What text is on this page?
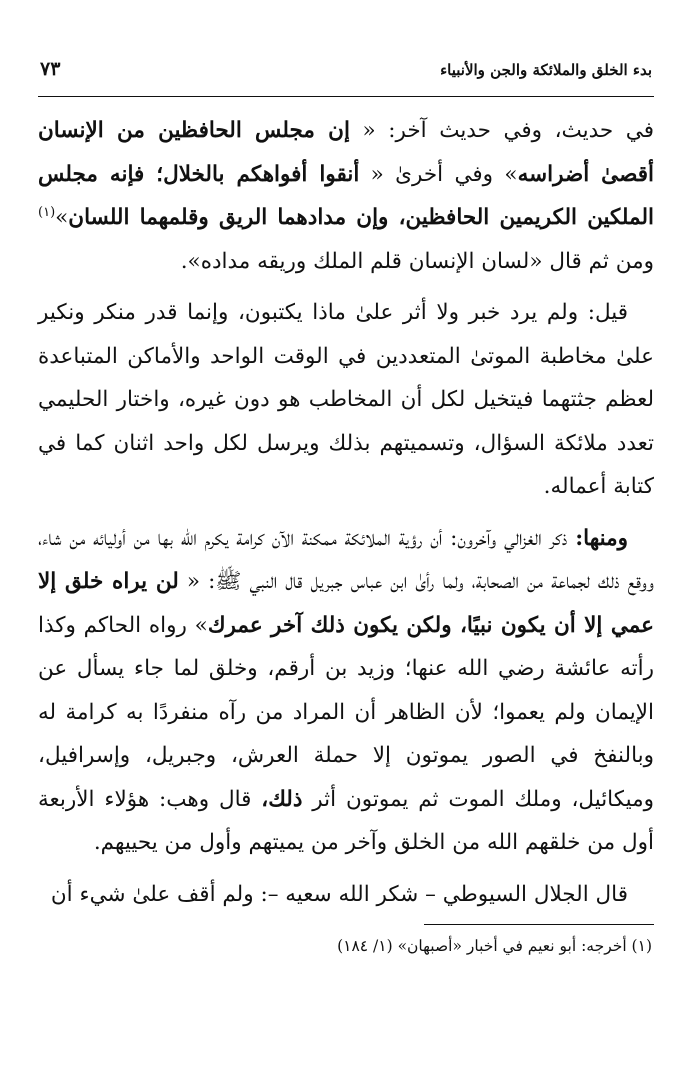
بدء الخلق والملائكة والجن والأنبياء
٧٣

في حديث، وفي حديث آخر: « إن مجلس الحافظين من الإنسان أقصىٰ أضراسه» وفي أخرىٰ « أنقوا أفواهكم بالخلال؛ فإنه مجلس الملكين الكريمين الحافظين، وإن مدادهما الريق وقلمهما اللسان»$^{(١)}$ ومن ثم قال «لسان الإنسان قلم الملك وريقه مداده».

قيل: ولم يرد خبر ولا أثر علىٰ ماذا يكتبون، وإنما قدر منكر ونكير علىٰ مخاطبة الموتىٰ المتعددين في الوقت الواحد والأماكن المتباعدة لعظم جثتهما فيتخيل لكل أن المخاطب هو دون غيره، واختار الحليمي تعدد ملائكة السؤال، وتسميتهم بذلك ويرسل لكل واحد اثنان كما في كتابة أعماله.

ومنها: ذكر الغزالي وآخرون: أن رؤية الملائكة ممكنة الآن كرامة يكرم الله بها من أوليائه من شاء، ووقع ذلك لجماعة من الصحابة، ولما رأىٰ ابن عباس جبريل قال النبي ﷺ: « لن يراه خلق إلا عمي إلا أن يكون نبيًا، ولكن يكون ذلك آخر عمرك» رواه الحاكم وكذا رأته عائشة رضي الله عنها؛ وزيد بن أرقم، وخلق لما جاء يسأل عن الإيمان ولم يعموا؛ لأن الظاهر أن المراد من رآه منفردًا به كرامة له وبالنفخ في الصور يموتون إلا حملة العرش، وجبريل، وإسرافيل، وميكائيل، وملك الموت ثم يموتون أثر ذلك، قال وهب: هؤلاء الأربعة أول من خلقهم الله من الخلق وآخر من يميتهم وأول من يحييهم.

قال الجلال السيوطي – شكر الله سعيه –: ولم أقف علىٰ شيء أن

(١) أخرجه: أبو نعيم في أخبار «أصبهان» (١/ ١٨٤)
